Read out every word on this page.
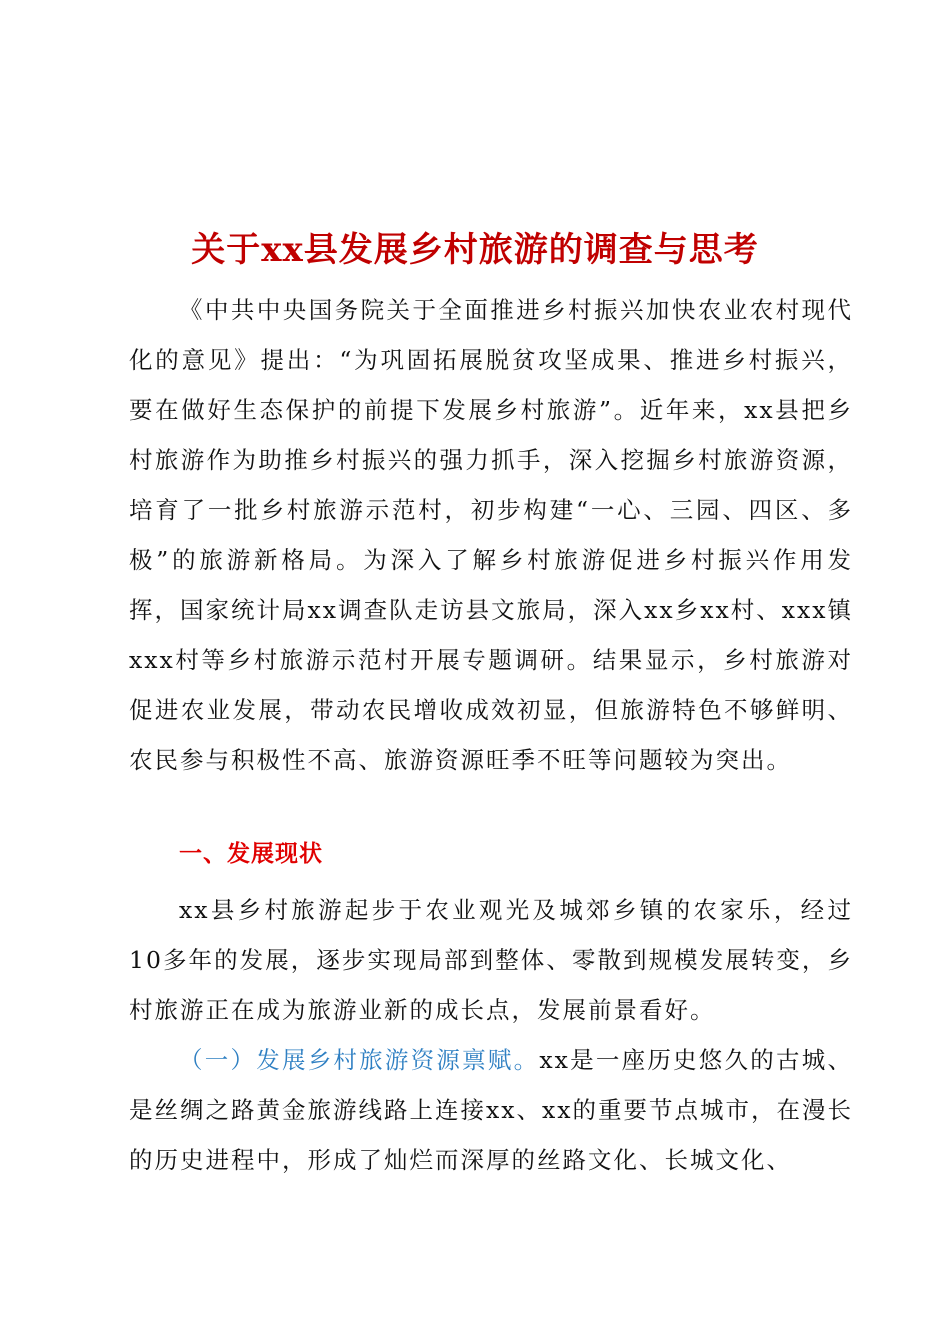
关于xx县发展乡村旅游的调查与思考

《中共中央国务院关于全面推进乡村振兴加快农业农村现代化的意见》提出：“为巩固拓展脱贫攻坚成果、推进乡村振兴，要在做好生态保护的前提下发展乡村旅游”。近年来，xx县把乡村旅游作为助推乡村振兴的强力抓手，深入挖掘乡村旅游资源，培育了一批乡村旅游示范村，初步构建“一心、三园、四区、多极”的旅游新格局。为深入了解乡村旅游促进乡村振兴作用发挥，国家统计局xx调查队走访县文旅局，深入xx乡xx村、xxx镇xxx村等乡村旅游示范村开展专题调研。结果显示，乡村旅游对促进农业发展，带动农民增收成效初显，但旅游特色不够鲜明、农民参与积极性不高、旅游资源旺季不旺等问题较为突出。

一、发展现状

xx县乡村旅游起步于农业观光及城郊乡镇的农家乐，经过10多年的发展，逐步实现局部到整体、零散到规模发展转变，乡村旅游正在成为旅游业新的成长点，发展前景看好。

（一）发展乡村旅游资源禀赋。xx是一座历史悠久的古城、是丝绸之路黄金旅游线路上连接xx、xx的重要节点城市，在漫长的历史进程中，形成了灿烂而深厚的丝路文化、长城文化、
